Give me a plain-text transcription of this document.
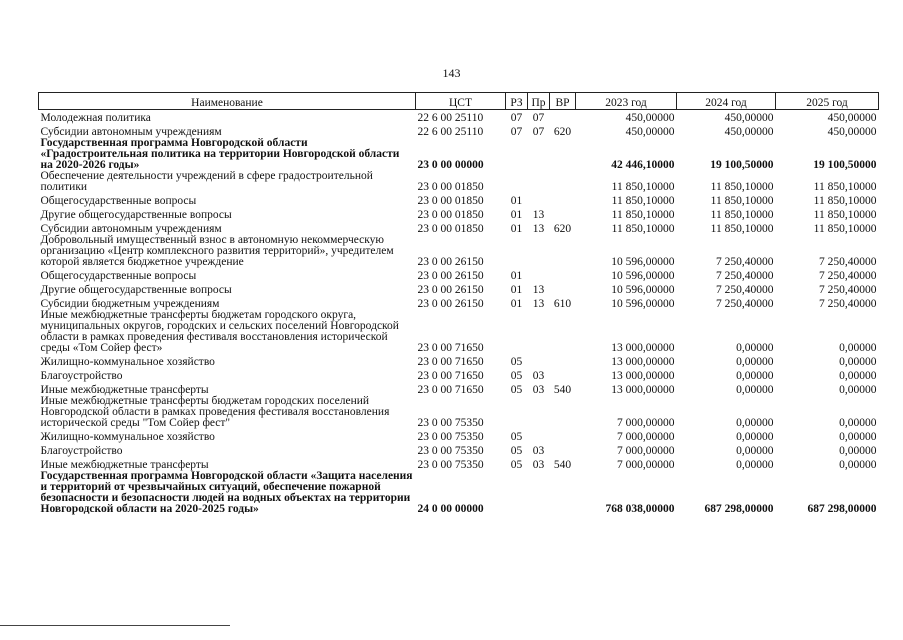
143
Наименование	ЦСТ	РЗ	Пр	ВР	2023 год	2024 год	2025 год
Молодежная политика	22 6 00 25110	07	07		450,00000	450,00000	450,00000
Субсидии автономным учреждениям	22 6 00 25110	07	07	620	450,00000	450,00000	450,00000
Государственная программа Новгородской области «Градостроительная политика на территории Новгородской области на 2020-2026 годы»	23 0 00 00000				42 446,10000	19 100,50000	19 100,50000
Обеспечение деятельности учреждений в сфере градостроительной политики	23 0 00 01850				11 850,10000	11 850,10000	11 850,10000
Общегосударственные вопросы	23 0 00 01850	01			11 850,10000	11 850,10000	11 850,10000
Другие общегосударственные вопросы	23 0 00 01850	01	13		11 850,10000	11 850,10000	11 850,10000
Субсидии автономным учреждениям	23 0 00 01850	01	13	620	11 850,10000	11 850,10000	11 850,10000
Добровольный имущественный взнос в автономную некоммерческую организацию «Центр комплексного развития территорий», учредителем которой является бюджетное учреждение	23 0 00 26150				10 596,00000	7 250,40000	7 250,40000
Общегосударственные вопросы	23 0 00 26150	01			10 596,00000	7 250,40000	7 250,40000
Другие общегосударственные вопросы	23 0 00 26150	01	13		10 596,00000	7 250,40000	7 250,40000
Субсидии бюджетным учреждениям	23 0 00 26150	01	13	610	10 596,00000	7 250,40000	7 250,40000
Иные межбюджетные трансферты бюджетам городского округа, муниципальных округов, городских и сельских поселений Новгородской области в рамках проведения фестиваля восстановления исторической среды «Том Сойер фест»	23 0 00 71650				13 000,00000	0,00000	0,00000
Жилищно-коммунальное хозяйство	23 0 00 71650	05			13 000,00000	0,00000	0,00000
Благоустройство	23 0 00 71650	05	03		13 000,00000	0,00000	0,00000
Иные межбюджетные трансферты	23 0 00 71650	05	03	540	13 000,00000	0,00000	0,00000
Иные межбюджетные трансферты бюджетам городских поселений Новгородской области в рамках проведения фестиваля восстановления исторической среды "Том Сойер фест"	23 0 00 75350				7 000,00000	0,00000	0,00000
Жилищно-коммунальное хозяйство	23 0 00 75350	05			7 000,00000	0,00000	0,00000
Благоустройство	23 0 00 75350	05	03		7 000,00000	0,00000	0,00000
Иные межбюджетные трансферты	23 0 00 75350	05	03	540	7 000,00000	0,00000	0,00000
Государственная программа Новгородской области «Защита населения и территорий от чрезвычайных ситуаций, обеспечение пожарной безопасности и безопасности людей на водных объектах на территории Новгородской области на 2020-2025 годы»	24 0 00 00000				768 038,00000	687 298,00000	687 298,00000
